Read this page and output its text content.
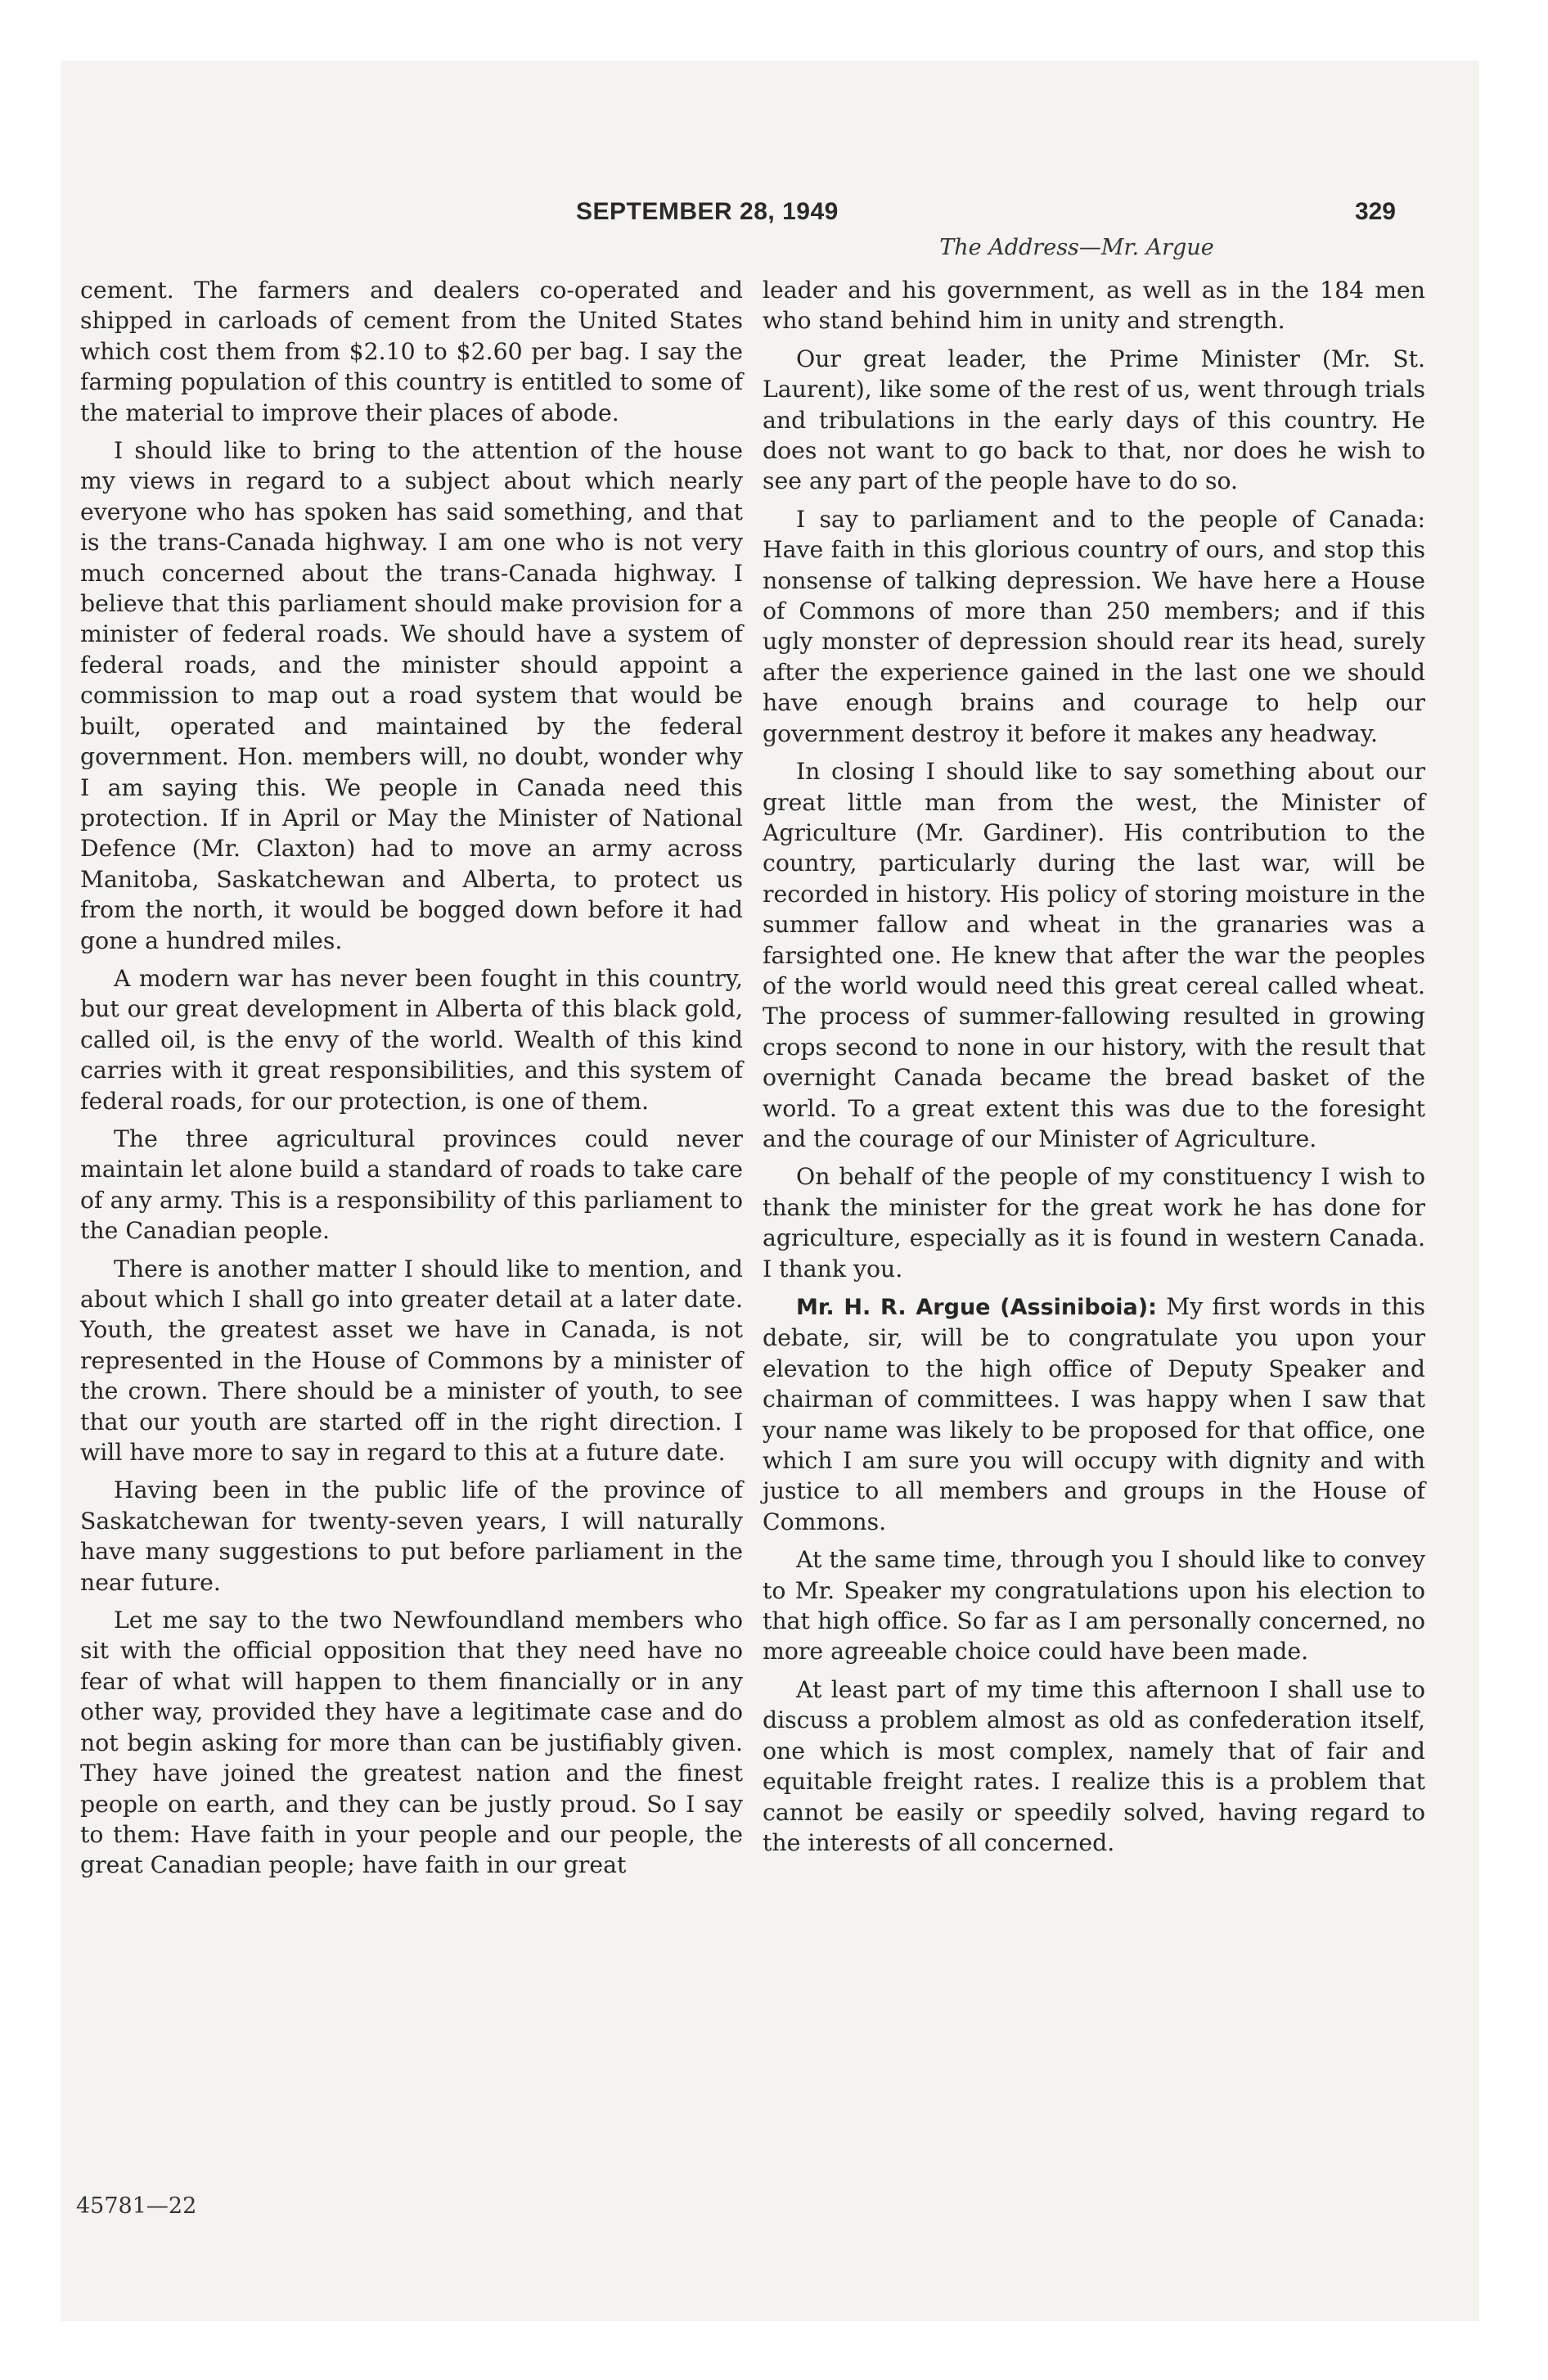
SEPTEMBER 28, 1949	329
The Address—Mr. Argue

cement. The farmers and dealers co-operated and shipped in carloads of cement from the United States which cost them from $2.10 to $2.60 per bag. I say the farming population of this country is entitled to some of the material to improve their places of abode.

I should like to bring to the attention of the house my views in regard to a subject about which nearly everyone who has spoken has said something, and that is the trans-Canada highway. I am one who is not very much concerned about the trans-Canada highway. I believe that this parliament should make provision for a minister of federal roads. We should have a system of federal roads, and the minister should appoint a commission to map out a road system that would be built, operated and maintained by the federal government. Hon. members will, no doubt, wonder why I am saying this. We people in Canada need this protection. If in April or May the Minister of National Defence (Mr. Claxton) had to move an army across Manitoba, Saskatchewan and Alberta, to protect us from the north, it would be bogged down before it had gone a hundred miles.

A modern war has never been fought in this country, but our great development in Alberta of this black gold, called oil, is the envy of the world. Wealth of this kind carries with it great responsibilities, and this system of federal roads, for our protection, is one of them.

The three agricultural provinces could never maintain let alone build a standard of roads to take care of any army. This is a responsibility of this parliament to the Canadian people.

There is another matter I should like to mention, and about which I shall go into greater detail at a later date. Youth, the greatest asset we have in Canada, is not represented in the House of Commons by a minister of the crown. There should be a minister of youth, to see that our youth are started off in the right direction. I will have more to say in regard to this at a future date.

Having been in the public life of the province of Saskatchewan for twenty-seven years, I will naturally have many suggestions to put before parliament in the near future.

Let me say to the two Newfoundland members who sit with the official opposition that they need have no fear of what will happen to them financially or in any other way, provided they have a legitimate case and do not begin asking for more than can be justifiably given. They have joined the greatest nation and the finest people on earth, and they can be justly proud. So I say to them: Have faith in your people and our people, the great Canadian people; have faith in our great

leader and his government, as well as in the 184 men who stand behind him in unity and strength.

Our great leader, the Prime Minister (Mr. St. Laurent), like some of the rest of us, went through trials and tribulations in the early days of this country. He does not want to go back to that, nor does he wish to see any part of the people have to do so.

I say to parliament and to the people of Canada: Have faith in this glorious country of ours, and stop this nonsense of talking depression. We have here a House of Commons of more than 250 members; and if this ugly monster of depression should rear its head, surely after the experience gained in the last one we should have enough brains and courage to help our government destroy it before it makes any headway.

In closing I should like to say something about our great little man from the west, the Minister of Agriculture (Mr. Gardiner). His contribution to the country, particularly during the last war, will be recorded in history. His policy of storing moisture in the summer fallow and wheat in the granaries was a farsighted one. He knew that after the war the peoples of the world would need this great cereal called wheat. The process of summer-fallowing resulted in growing crops second to none in our history, with the result that overnight Canada became the bread basket of the world. To a great extent this was due to the foresight and the courage of our Minister of Agriculture.

On behalf of the people of my constituency I wish to thank the minister for the great work he has done for agriculture, especially as it is found in western Canada. I thank you.

Mr. H. R. Argue (Assiniboia): My first words in this debate, sir, will be to congratulate you upon your elevation to the high office of Deputy Speaker and chairman of committees. I was happy when I saw that your name was likely to be proposed for that office, one which I am sure you will occupy with dignity and with justice to all members and groups in the House of Commons.

At the same time, through you I should like to convey to Mr. Speaker my congratulations upon his election to that high office. So far as I am personally concerned, no more agreeable choice could have been made.

At least part of my time this afternoon I shall use to discuss a problem almost as old as confederation itself, one which is most complex, namely that of fair and equitable freight rates. I realize this is a problem that cannot be easily or speedily solved, having regard to the interests of all concerned.

45781—22
